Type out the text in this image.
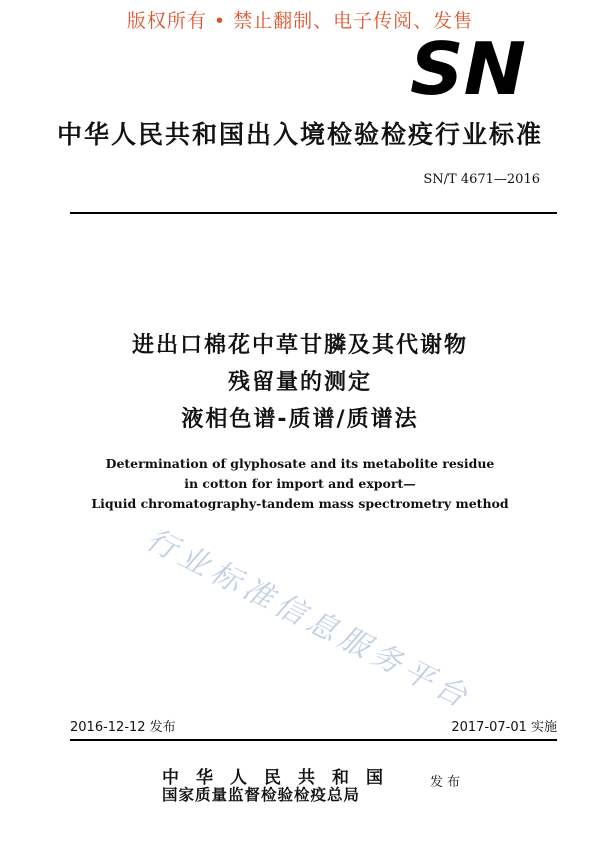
版权所有 • 禁止翻制、电子传阅、发售
SN
中华人民共和国出入境检验检疫行业标准
SN/T 4671—2016
进出口棉花中草甘膦及其代谢物
残留量的测定
液相色谱-质谱/质谱法
Determination of glyphosate and its metabolite residue
in cotton for import and export—
Liquid chromatography-tandem mass spectrometry method
行业标准信息服务平台
2016-12-12 发布	2017-07-01 实施
中华人民共和国
国家质量监督检验检疫总局
发布
